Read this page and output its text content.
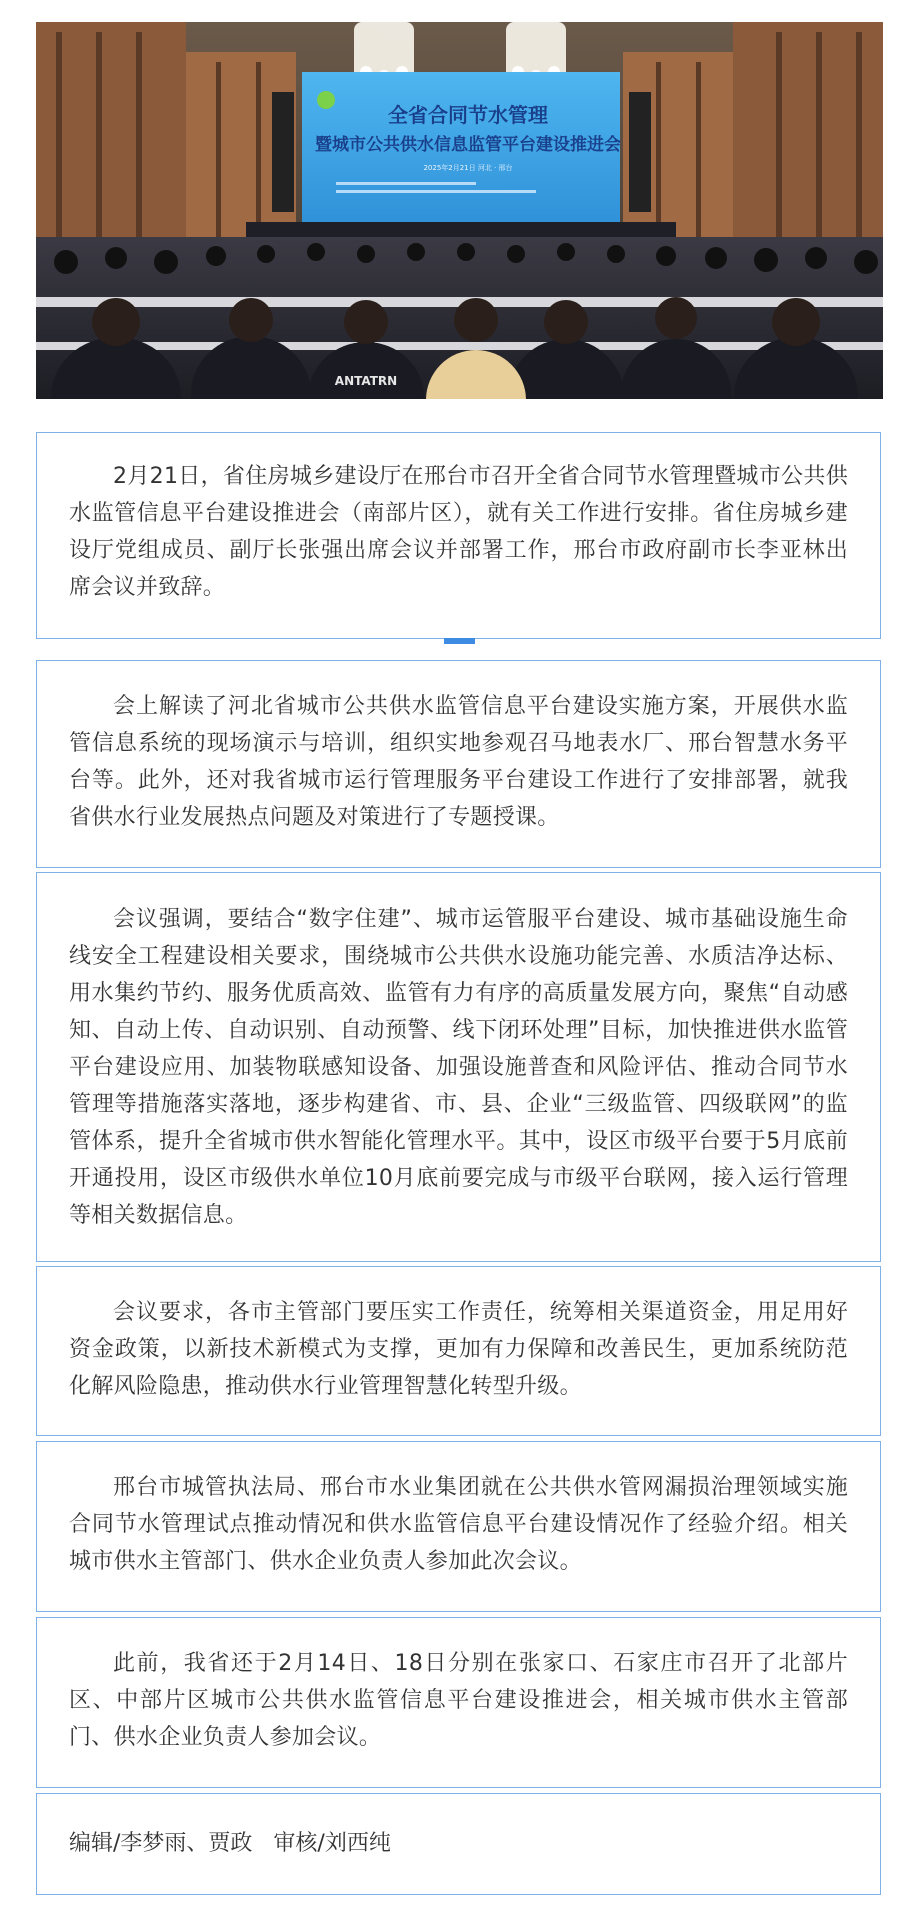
全省合同节水管理
暨城市公共供水信息监管平台建设推进会
2025年2月21日 河北 · 邢台
ANTATRN

2月21日，省住房城乡建设厅在邢台市召开全省合同节水管理暨城市公共供水监管信息平台建设推进会（南部片区），就有关工作进行安排。省住房城乡建设厅党组成员、副厅长张强出席会议并部署工作，邢台市政府副市长李亚林出席会议并致辞。

会上解读了河北省城市公共供水监管信息平台建设实施方案，开展供水监管信息系统的现场演示与培训，组织实地参观召马地表水厂、邢台智慧水务平台等。此外，还对我省城市运行管理服务平台建设工作进行了安排部署，就我省供水行业发展热点问题及对策进行了专题授课。

会议强调，要结合“数字住建”、城市运管服平台建设、城市基础设施生命线安全工程建设相关要求，围绕城市公共供水设施功能完善、水质洁净达标、用水集约节约、服务优质高效、监管有力有序的高质量发展方向，聚焦“自动感知、自动上传、自动识别、自动预警、线下闭环处理”目标，加快推进供水监管平台建设应用、加装物联感知设备、加强设施普查和风险评估、推动合同节水管理等措施落实落地，逐步构建省、市、县、企业“三级监管、四级联网”的监管体系，提升全省城市供水智能化管理水平。其中，设区市级平台要于5月底前开通投用，设区市级供水单位10月底前要完成与市级平台联网，接入运行管理等相关数据信息。

会议要求，各市主管部门要压实工作责任，统筹相关渠道资金，用足用好资金政策，以新技术新模式为支撑，更加有力保障和改善民生，更加系统防范化解风险隐患，推动供水行业管理智慧化转型升级。

邢台市城管执法局、邢台市水业集团就在公共供水管网漏损治理领域实施合同节水管理试点推动情况和供水监管信息平台建设情况作了经验介绍。相关城市供水主管部门、供水企业负责人参加此次会议。

此前，我省还于2月14日、18日分别在张家口、石家庄市召开了北部片区、中部片区城市公共供水监管信息平台建设推进会，相关城市供水主管部门、供水企业负责人参加会议。

编辑/李梦雨、贾政 审核/刘西纯
